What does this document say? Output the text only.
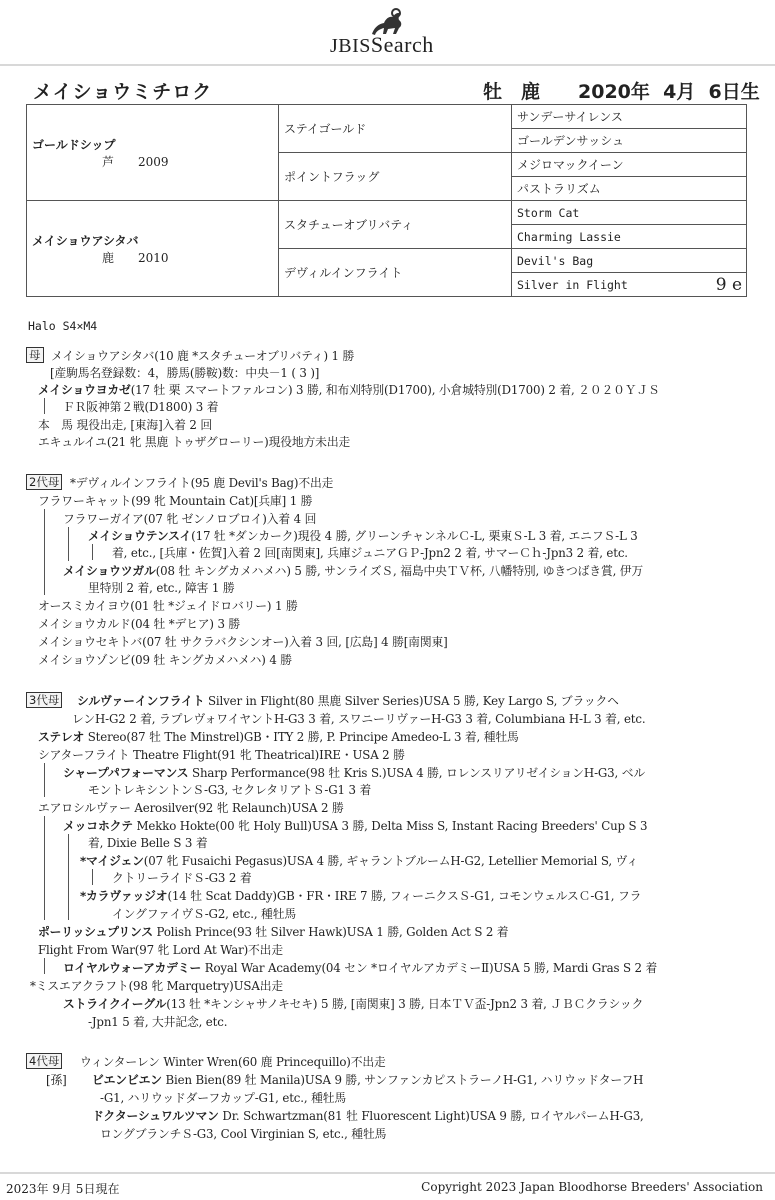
JBISSearch
メイショウミチロク	牡　鹿　　2020年  4月  6日生
ゴールドシップ
芦　　2009	ステイゴールド	サンデーサイレンス
		ゴールデンサッシュ
	ポイントフラッグ	メジロマックイーン
		パストラリズム

メイショウアシタバ
鹿　　2010	スタチューオブリバティ	Storm Cat
		Charming Lassie
	デヴィルインフライト	Devil's Bag
		Silver in Flight 9 e
Halo S4×M4
母 メイショウアシタバ(10 鹿 *スタチューオブリバティ) 1 勝
[産駒馬名登録数：4，勝馬(勝鞍)数：中央－1 ( 3 )]
メイショウヨカゼ(17 牡 栗 スマートファルコン) 3 勝, 和布刈特別(D1700), 小倉城特別(D1700) 2 着, ２０２０ＹＪＳ
ＦＲ阪神第２戦(D1800) 3 着
本　馬 現役出走, [東海]入着 2 回
エキュルイユ(21 牝 黒鹿 トゥザグローリー)現役地方未出走
2代母 *デヴィルインフライト(95 鹿 Devil's Bag)不出走
フラワーキャット(99 牝 Mountain Cat)[兵庫] 1 勝
フラワーガイア(07 牝 ゼンノロブロイ)入着 4 回
メイショウテンスイ(17 牡 *ダンカーク)現役 4 勝, グリーンチャンネルＣ-L, 栗東Ｓ-L 3 着, エニフＳ-L 3
着, etc., [兵庫・佐賀]入着 2 回[南関東], 兵庫ジュニアＧＰ-Jpn2 2 着, サマーＣｈ-Jpn3 2 着, etc.
メイショウツガル(08 牡 キングカメハメハ) 5 勝, サンライズＳ, 福島中央ＴＶ杯, 八幡特別, ゆきつばき賞, 伊万
里特別 2 着, etc., 障害 1 勝
オースミカイヨウ(01 牡 *ジェイドロバリー) 1 勝
メイショウカルド(04 牡 *デヒア) 3 勝
メイショウセキトバ(07 牡 サクラバクシンオー)入着 3 回, [広島] 4 勝[南関東]
メイショウゾンビ(09 牡 キングカメハメハ) 4 勝
3代母 シルヴァーインフライト Silver in Flight(80 黒鹿 Silver Series)USA 5 勝, Key Largo S, ブラックヘ
レンH-G2 2 着, ラプレヴォワイヤントH-G3 3 着, スワニーリヴァーH-G3 3 着, Columbiana H-L 3 着, etc.
ステレオ Stereo(87 牡 The Minstrel)GB・ITY 2 勝, P. Principe Amedeo-L 3 着, 種牡馬
シアターフライト Theatre Flight(91 牝 Theatrical)IRE・USA 2 勝
シャープパフォーマンス Sharp Performance(98 牡 Kris S.)USA 4 勝, ロレンスリアリゼイションH-G3, ベル
モントレキシントンＳ-G3, セクレタリアトＳ-G1 3 着
エアロシルヴァー Aerosilver(92 牝 Relaunch)USA 2 勝
メッコホクテ Mekko Hokte(00 牝 Holy Bull)USA 3 勝, Delta Miss S, Instant Racing Breeders' Cup S 3
着, Dixie Belle S 3 着
*マイジェン(07 牝 Fusaichi Pegasus)USA 4 勝, ギャラントブルームH-G2, Letellier Memorial S, ヴィ
クトリーライドＳ-G3 2 着
*カラヴァッジオ(14 牡 Scat Daddy)GB・FR・IRE 7 勝, フィーニクスＳ-G1, コモンウェルスＣ-G1, フラ
イングファイヴＳ-G2, etc., 種牡馬
ポーリッシュプリンス Polish Prince(93 牡 Silver Hawk)USA 1 勝, Golden Act S 2 着
Flight From War(97 牝 Lord At War)不出走
ロイヤルウォーアカデミー Royal War Academy(04 セン *ロイヤルアカデミーⅡ)USA 5 勝, Mardi Gras S 2 着
*ミスエアクラフト(98 牝 Marquetry)USA出走
ストライクイーグル(13 牡 *キンシャサノキセキ) 5 勝, [南関東] 3 勝, 日本ＴＶ盃-Jpn2 3 着, ＪＢＣクラシック
-Jpn1 5 着, 大井記念, etc.
4代母 ウィンターレン Winter Wren(60 鹿 Princequillo)不出走
[孫] ビエンビエン Bien Bien(89 牡 Manila)USA 9 勝, サンファンカピストラーノH-G1, ハリウッドターフH
-G1, ハリウッドダーフカップ-G1, etc., 種牡馬
ドクターシュワルツマン Dr. Schwartzman(81 牡 Fluorescent Light)USA 9 勝, ロイヤルパームH-G3,
ロングブランチＳ-G3, Cool Virginian S, etc., 種牡馬
2023年 9月 5日現在	Copyright 2023 Japan Bloodhorse Breeders' Association
